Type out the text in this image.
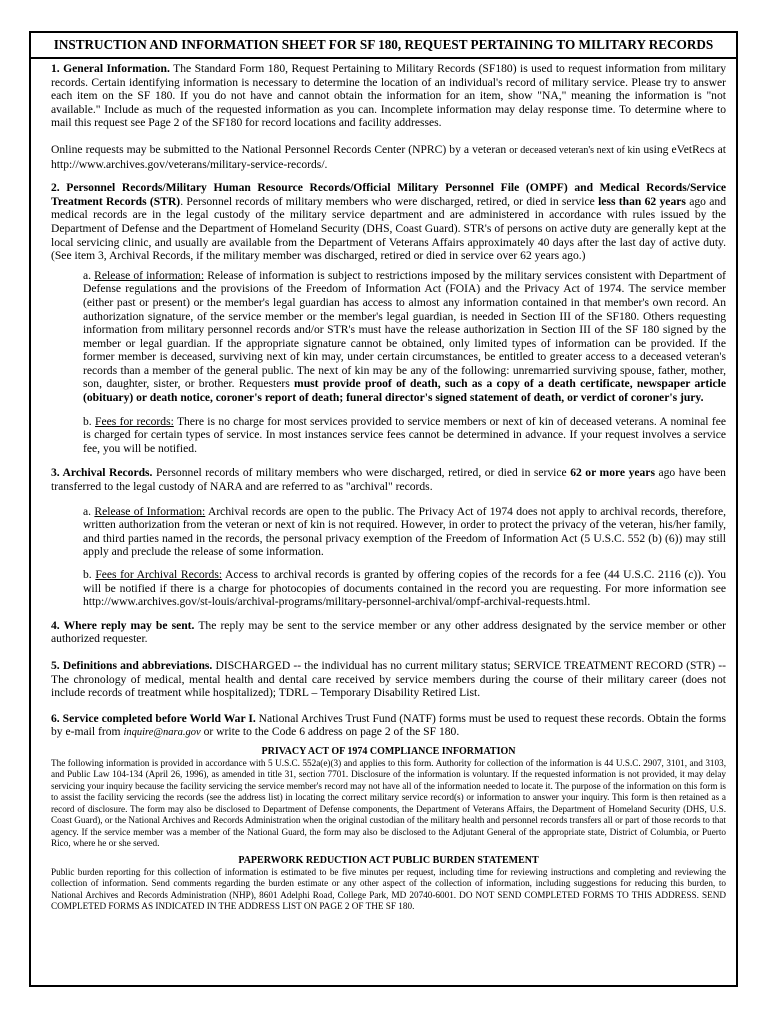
INSTRUCTION AND INFORMATION SHEET FOR SF 180, REQUEST PERTAINING TO MILITARY RECORDS

1. General Information. The Standard Form 180, Request Pertaining to Military Records (SF180) is used to request information from military records. Certain identifying information is necessary to determine the location of an individual's record of military service. Please try to answer each item on the SF 180. If you do not have and cannot obtain the information for an item, show "NA," meaning the information is "not available." Include as much of the requested information as you can. Incomplete information may delay response time. To determine where to mail this request see Page 2 of the SF180 for record locations and facility addresses.

Online requests may be submitted to the National Personnel Records Center (NPRC) by a veteran or deceased veteran's next of kin using eVetRecs at http://www.archives.gov/veterans/military-service-records/.

2. Personnel Records/Military Human Resource Records/Official Military Personnel File (OMPF) and Medical Records/Service Treatment Records (STR). Personnel records of military members who were discharged, retired, or died in service less than 62 years ago and medical records are in the legal custody of the military service department and are administered in accordance with rules issued by the Department of Defense and the Department of Homeland Security (DHS, Coast Guard). STR's of persons on active duty are generally kept at the local servicing clinic, and usually are available from the Department of Veterans Affairs approximately 40 days after the last day of active duty. (See item 3, Archival Records, if the military member was discharged, retired or died in service over 62 years ago.)

a. Release of information: Release of information is subject to restrictions imposed by the military services consistent with Department of Defense regulations and the provisions of the Freedom of Information Act (FOIA) and the Privacy Act of 1974. The service member (either past or present) or the member's legal guardian has access to almost any information contained in that member's own record. An authorization signature, of the service member or the member's legal guardian, is needed in Section III of the SF180. Others requesting information from military personnel records and/or STR's must have the release authorization in Section III of the SF 180 signed by the member or legal guardian. If the appropriate signature cannot be obtained, only limited types of information can be provided. If the former member is deceased, surviving next of kin may, under certain circumstances, be entitled to greater access to a deceased veteran's records than a member of the general public. The next of kin may be any of the following: unremarried surviving spouse, father, mother, son, daughter, sister, or brother. Requesters must provide proof of death, such as a copy of a death certificate, newspaper article (obituary) or death notice, coroner's report of death; funeral director's signed statement of death, or verdict of coroner's jury.

b. Fees for records: There is no charge for most services provided to service members or next of kin of deceased veterans. A nominal fee is charged for certain types of service. In most instances service fees cannot be determined in advance. If your request involves a service fee, you will be notified.

3. Archival Records. Personnel records of military members who were discharged, retired, or died in service 62 or more years ago have been transferred to the legal custody of NARA and are referred to as "archival" records.

a. Release of Information: Archival records are open to the public. The Privacy Act of 1974 does not apply to archival records, therefore, written authorization from the veteran or next of kin is not required. However, in order to protect the privacy of the veteran, his/her family, and third parties named in the records, the personal privacy exemption of the Freedom of Information Act (5 U.S.C. 552 (b) (6)) may still apply and preclude the release of some information.

b. Fees for Archival Records: Access to archival records is granted by offering copies of the records for a fee (44 U.S.C. 2116 (c)). You will be notified if there is a charge for photocopies of documents contained in the record you are requesting. For more information see http://www.archives.gov/st-louis/archival-programs/military-personnel-archival/ompf-archival-requests.html.

4. Where reply may be sent. The reply may be sent to the service member or any other address designated by the service member or other authorized requester.

5. Definitions and abbreviations. DISCHARGED -- the individual has no current military status; SERVICE TREATMENT RECORD (STR) -- The chronology of medical, mental health and dental care received by service members during the course of their military career (does not include records of treatment while hospitalized); TDRL – Temporary Disability Retired List.

6. Service completed before World War I. National Archives Trust Fund (NATF) forms must be used to request these records. Obtain the forms by e-mail from inquire@nara.gov or write to the Code 6 address on page 2 of the SF 180.

PRIVACY ACT OF 1974 COMPLIANCE INFORMATION

The following information is provided in accordance with 5 U.S.C. 552a(e)(3) and applies to this form. Authority for collection of the information is 44 U.S.C. 2907, 3101, and 3103, and Public Law 104-134 (April 26, 1996), as amended in title 31, section 7701. Disclosure of the information is voluntary. If the requested information is not provided, it may delay servicing your inquiry because the facility servicing the service member's record may not have all of the information needed to locate it. The purpose of the information on this form is to assist the facility servicing the records (see the address list) in locating the correct military service record(s) or information to answer your inquiry. This form is then retained as a record of disclosure. The form may also be disclosed to Department of Defense components, the Department of Veterans Affairs, the Department of Homeland Security (DHS, U.S. Coast Guard), or the National Archives and Records Administration when the original custodian of the military health and personnel records transfers all or part of those records to that agency. If the service member was a member of the National Guard, the form may also be disclosed to the Adjutant General of the appropriate state, District of Columbia, or Puerto Rico, where he or she served.

PAPERWORK REDUCTION ACT PUBLIC BURDEN STATEMENT

Public burden reporting for this collection of information is estimated to be five minutes per request, including time for reviewing instructions and completing and reviewing the collection of information. Send comments regarding the burden estimate or any other aspect of the collection of information, including suggestions for reducing this burden, to National Archives and Records Administration (NHP), 8601 Adelphi Road, College Park, MD 20740-6001. DO NOT SEND COMPLETED FORMS TO THIS ADDRESS. SEND COMPLETED FORMS AS INDICATED IN THE ADDRESS LIST ON PAGE 2 OF THE SF 180.
